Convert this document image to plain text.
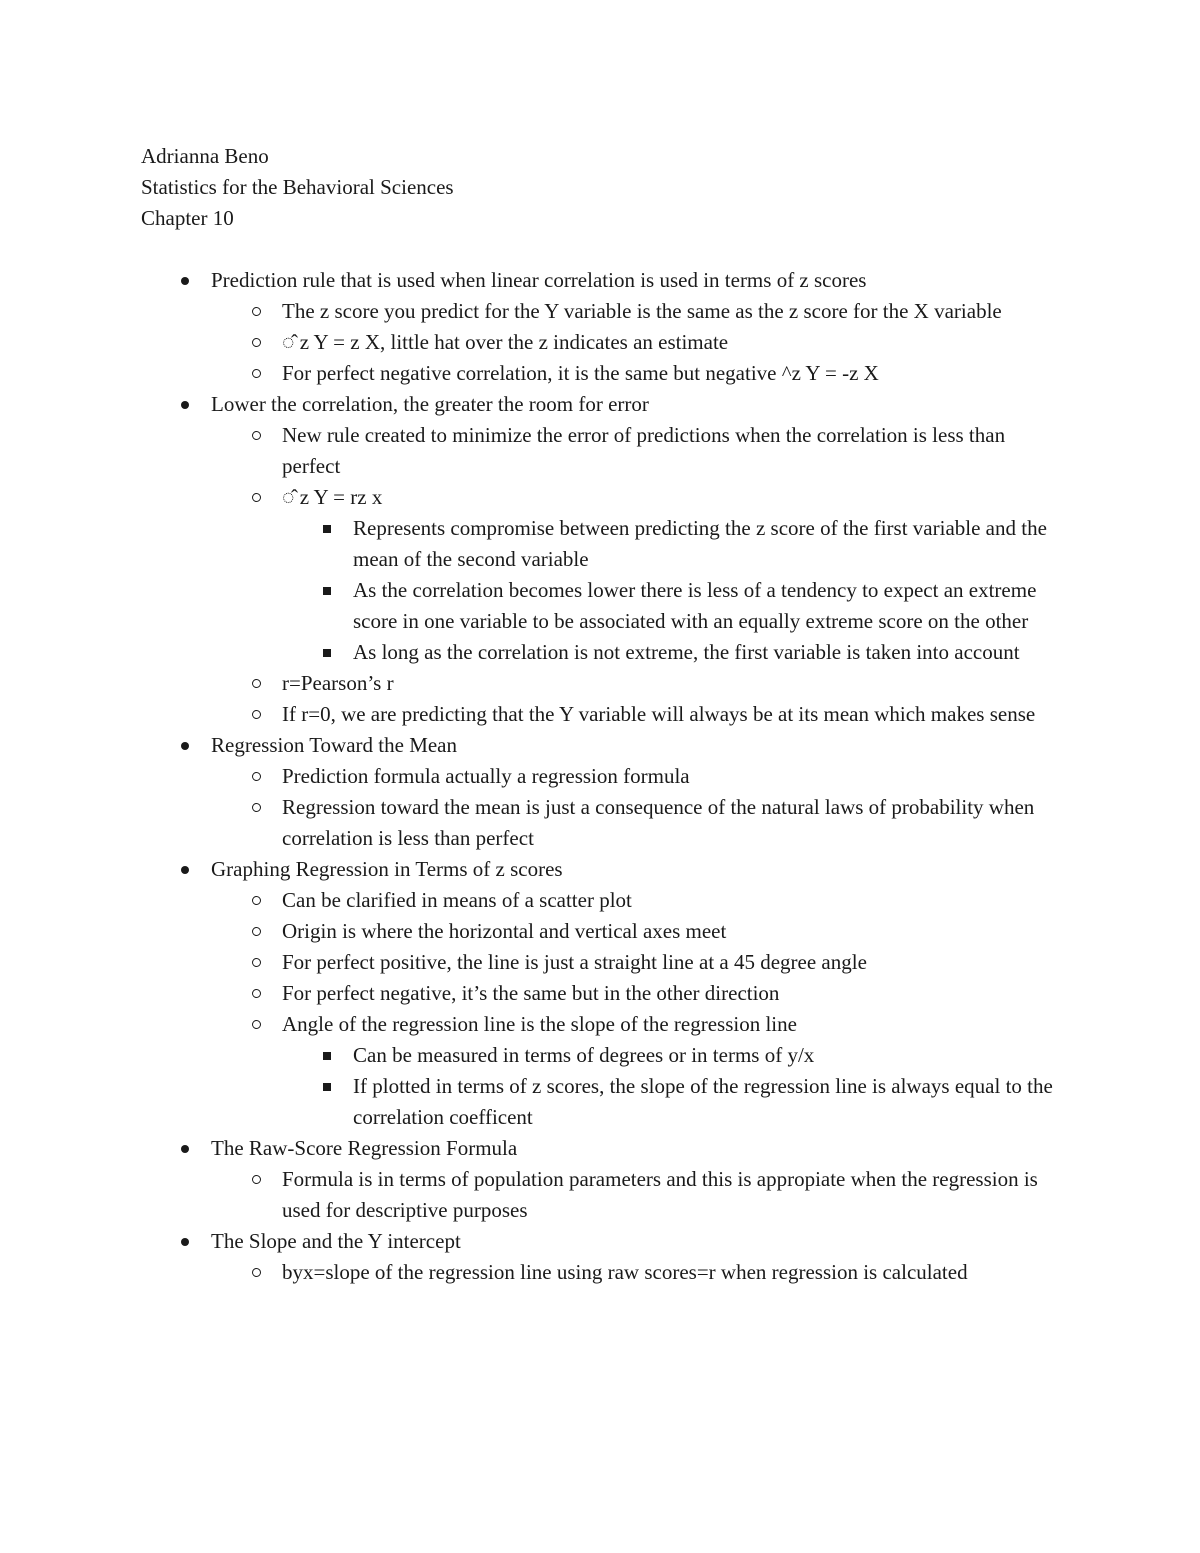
Adrianna Beno
Statistics for the Behavioral Sciences
Chapter 10
Prediction rule that is used when linear correlation is used in terms of z scores
The z score you predict for the Y variable is the same as the z score for the X variable
◌̂ z Y = z X, little hat over the z indicates an estimate
For perfect negative correlation, it is the same but negative ^z Y = -z X
Lower the correlation, the greater the room for error
New rule created to minimize the error of predictions when the correlation is less than perfect
◌̂ z Y = rz x
Represents compromise between predicting the z score of the first variable and the mean of the second variable
As the correlation becomes lower there is less of a tendency to expect an extreme score in one variable to be associated with an equally extreme score on the other
As long as the correlation is not extreme, the first variable is taken into account
r=Pearson’s r
If r=0, we are predicting that the Y variable will always be at its mean which makes sense
Regression Toward the Mean
Prediction formula actually a regression formula
Regression toward the mean is just a consequence of the natural laws of probability when correlation is less than perfect
Graphing Regression in Terms of z scores
Can be clarified in means of a scatter plot
Origin is where the horizontal and vertical axes meet
For perfect positive, the line is just a straight line at a 45 degree angle
For perfect negative, it’s the same but in the other direction
Angle of the regression line is the slope of the regression line
Can be measured in terms of degrees or in terms of y/x
If plotted in terms of z scores, the slope of the regression line is always equal to the correlation coefficent
The Raw-Score Regression Formula
Formula is in terms of population parameters and this is appropiate when the regression is used for descriptive purposes
The Slope and the Y intercept
byx=slope of the regression line using raw scores=r when regression is calculated
